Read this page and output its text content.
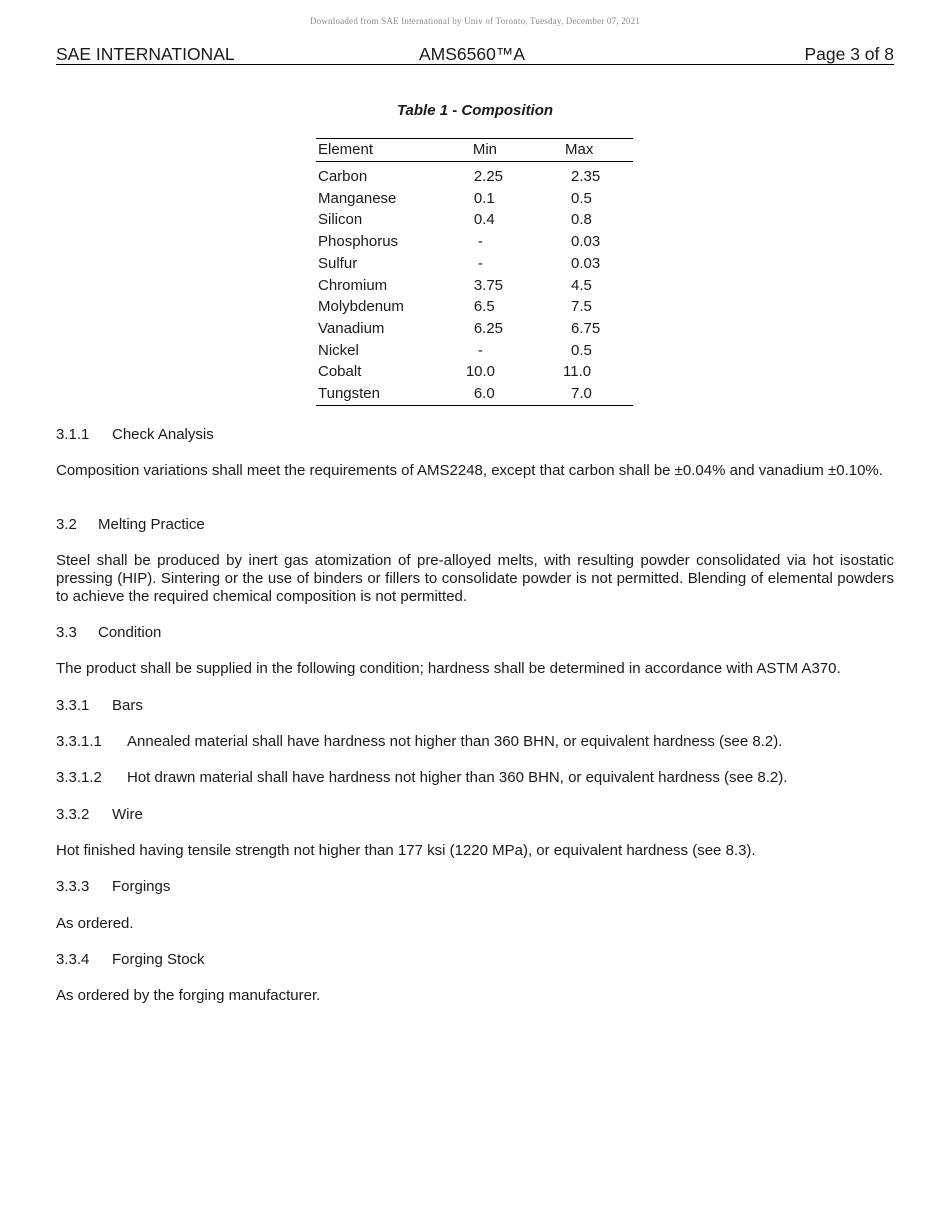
Downloaded from SAE International by Univ of Toronto, Tuesday, December 07, 2021
SAE INTERNATIONAL	AMS6560™A	Page 3 of 8
Table 1 - Composition
Element	Min	Max
Carbon	2.25	2.35
Manganese	0.1	0.5
Silicon	0.4	0.8
Phosphorus	-	0.03
Sulfur	-	0.03
Chromium	3.75	4.5
Molybdenum	6.5	7.5
Vanadium	6.25	6.75
Nickel	-	0.5
Cobalt	10.0	11.0
Tungsten	6.0	7.0
3.1.1 Check Analysis
Composition variations shall meet the requirements of AMS2248, except that carbon shall be ±0.04% and vanadium ±0.10%.
3.2 Melting Practice
Steel shall be produced by inert gas atomization of pre-alloyed melts, with resulting powder consolidated via hot isostatic pressing (HIP). Sintering or the use of binders or fillers to consolidate powder is not permitted. Blending of elemental powders to achieve the required chemical composition is not permitted.
3.3 Condition
The product shall be supplied in the following condition; hardness shall be determined in accordance with ASTM A370.
3.3.1 Bars
3.3.1.1 Annealed material shall have hardness not higher than 360 BHN, or equivalent hardness (see 8.2).
3.3.1.2 Hot drawn material shall have hardness not higher than 360 BHN, or equivalent hardness (see 8.2).
3.3.2 Wire
Hot finished having tensile strength not higher than 177 ksi (1220 MPa), or equivalent hardness (see 8.3).
3.3.3 Forgings
As ordered.
3.3.4 Forging Stock
As ordered by the forging manufacturer.
